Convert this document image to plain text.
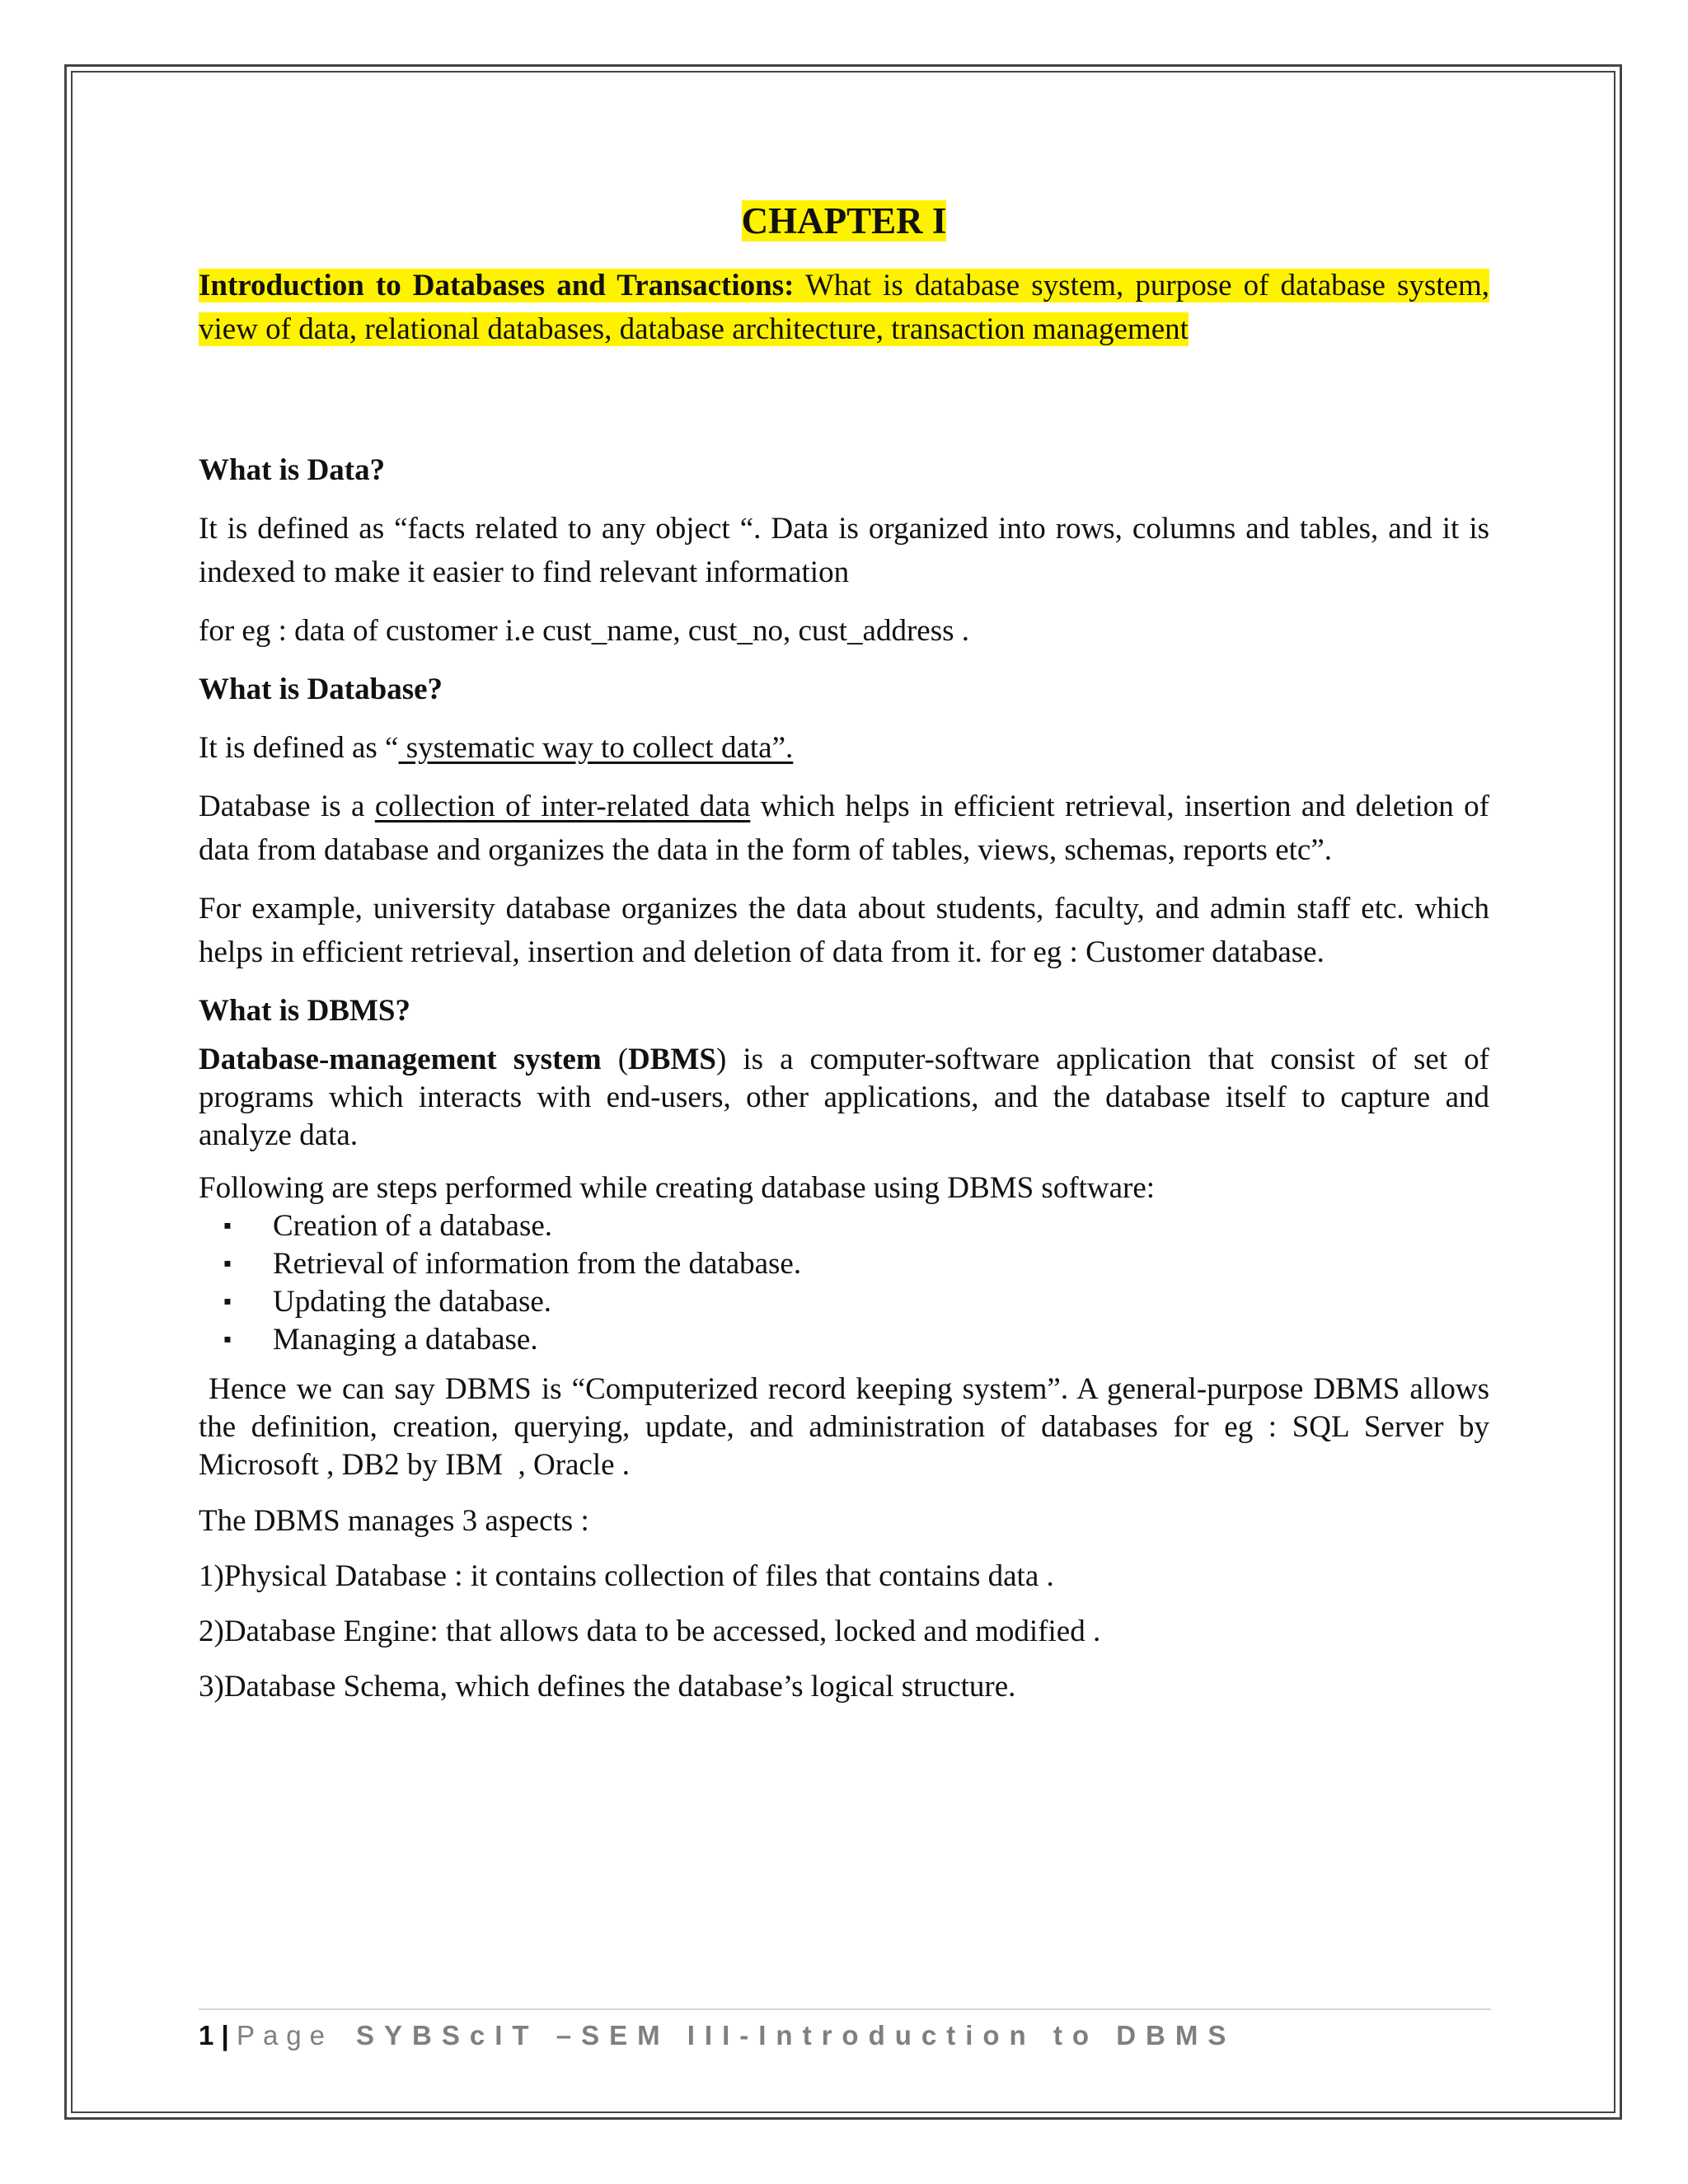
CHAPTER I

Introduction to Databases and Transactions: What is database system, purpose of database system, view of data, relational databases, database architecture, transaction management

What is Data?

It is defined as “facts related to any object “. Data is organized into rows, columns and tables, and it is indexed to make it easier to find relevant information

for eg : data of customer i.e cust_name, cust_no, cust_address .

What is Database?

It is defined as “ systematic way to collect data”.

Database is a collection of inter-related data which helps in efficient retrieval, insertion and deletion of data from database and organizes the data in the form of tables, views, schemas, reports etc”.

For example, university database organizes the data about students, faculty, and admin staff etc. which helps in efficient retrieval, insertion and deletion of data from it. for eg : Customer database.

What is DBMS?

Database-management system (DBMS) is a computer-software application that consist of set of programs which interacts with end-users, other applications, and the database itself to capture and analyze data.

Following are steps performed while creating database using DBMS software:

▪ Creation of a database.
▪ Retrieval of information from the database.
▪ Updating the database.
▪ Managing a database.

Hence we can say DBMS is “Computerized record keeping system”. A general-purpose DBMS allows the definition, creation, querying, update, and administration of databases for eg : SQL Server by Microsoft , DB2 by IBM  , Oracle .

The DBMS manages 3 aspects :

1)Physical Database : it contains collection of files that contains data .

2)Database Engine: that allows data to be accessed, locked and modified .

3)Database Schema, which defines the database’s logical structure.

1 | Page SYBScIT –SEM III-Introduction to DBMS
